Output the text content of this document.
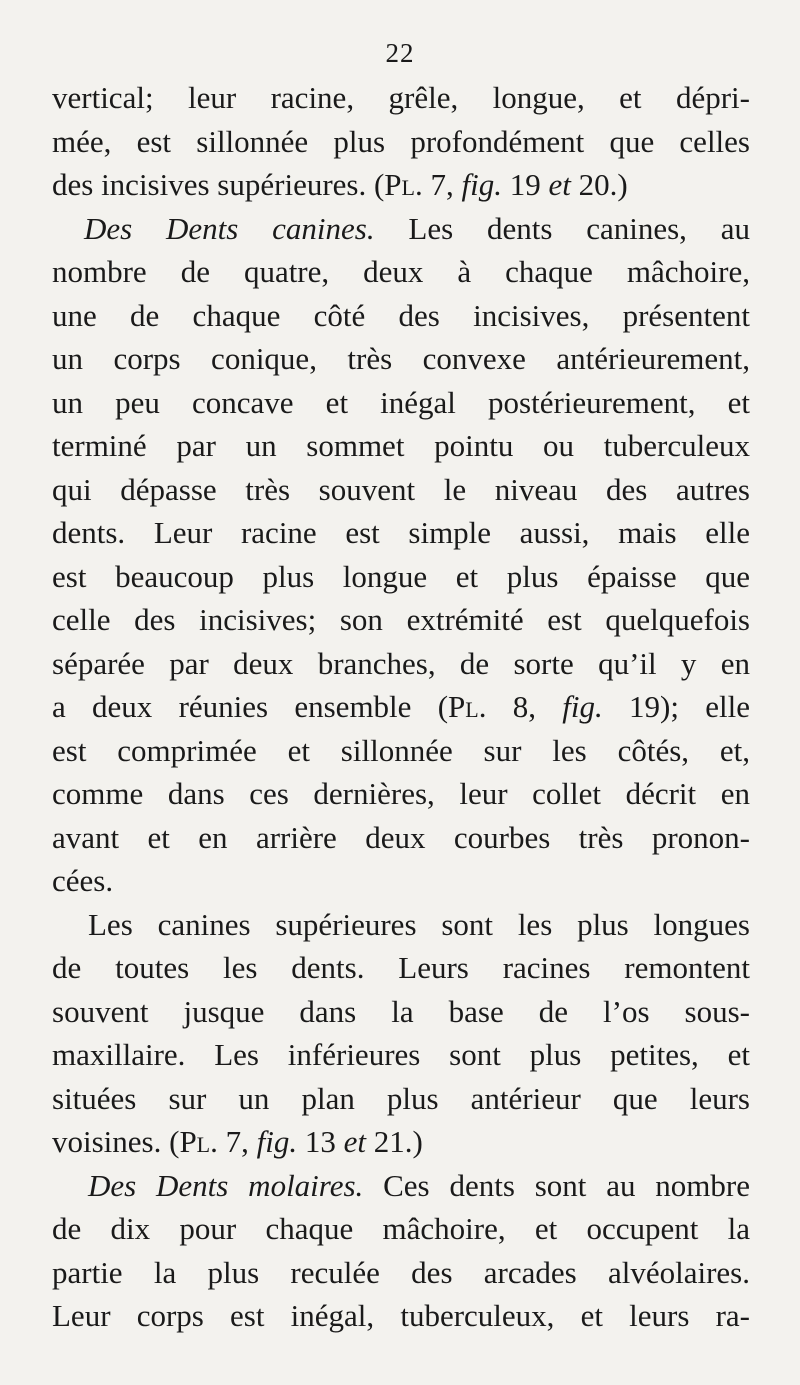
22

vertical; leur racine, grêle, longue, et dépri-
mée, est sillonnée plus profondément que celles
des incisives supérieures. (Pl. 7, fig. 19 et 20.)
Des Dents canines. Les dents canines, au
nombre de quatre, deux à chaque mâchoire,
une de chaque côté des incisives, présentent
un corps conique, très convexe antérieurement,
un peu concave et inégal postérieurement, et
terminé par un sommet pointu ou tuberculeux
qui dépasse très souvent le niveau des autres
dents. Leur racine est simple aussi, mais elle
est beaucoup plus longue et plus épaisse que
celle des incisives; son extrémité est quelquefois
séparée par deux branches, de sorte qu’il y en
a deux réunies ensemble (Pl. 8, fig. 19); elle
est comprimée et sillonnée sur les côtés, et,
comme dans ces dernières, leur collet décrit en
avant et en arrière deux courbes très pronon-
cées.
Les canines supérieures sont les plus longues
de toutes les dents. Leurs racines remontent
souvent jusque dans la base de l’os sous-
maxillaire. Les inférieures sont plus petites, et
situées sur un plan plus antérieur que leurs
voisines. (Pl. 7, fig. 13 et 21.)
Des Dents molaires. Ces dents sont au nombre
de dix pour chaque mâchoire, et occupent la
partie la plus reculée des arcades alvéolaires.
Leur corps est inégal, tuberculeux, et leurs ra-
